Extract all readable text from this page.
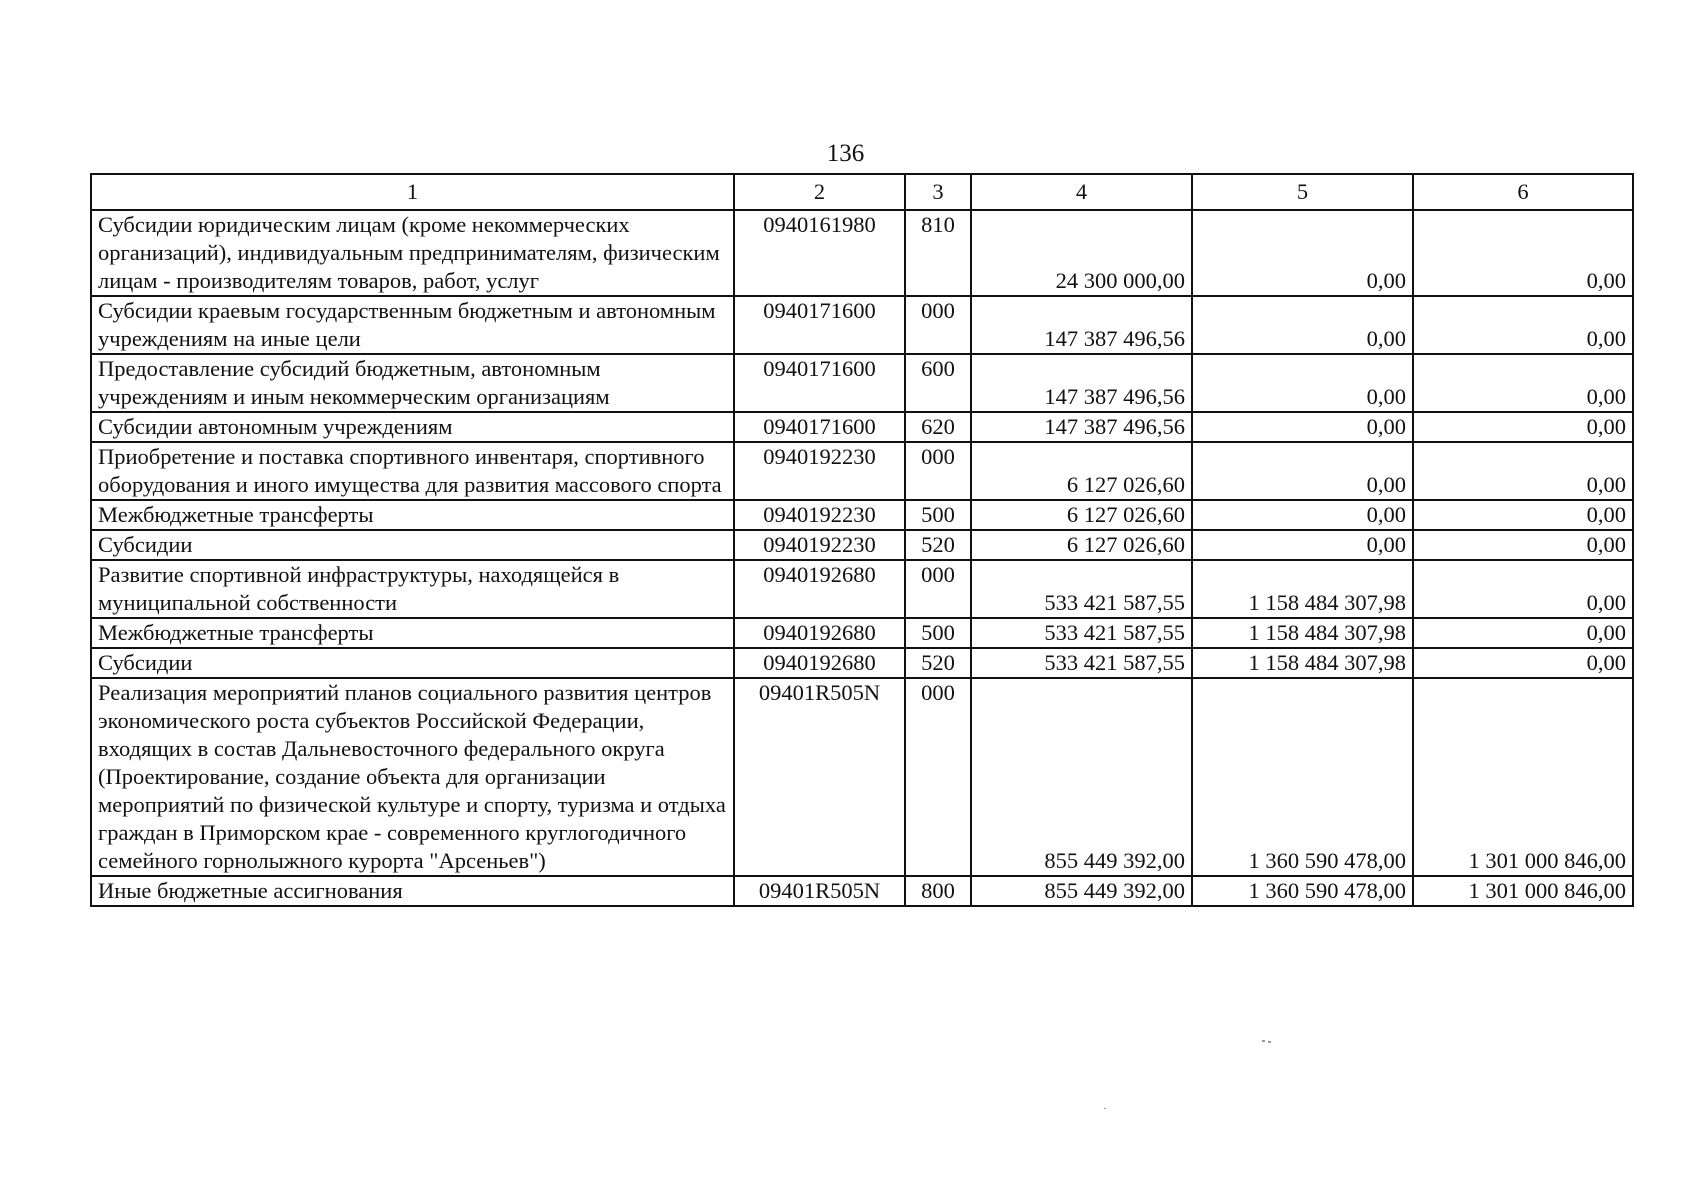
136
1	2	3	4	5	6
Субсидии юридическим лицам (кроме некоммерческих организаций), индивидуальным предпринимателям, физическим лицам - производителям товаров, работ, услуг	0940161980	810	24 300 000,00	0,00	0,00
Субсидии краевым государственным бюджетным и автономным учреждениям на иные цели	0940171600	000	147 387 496,56	0,00	0,00
Предоставление субсидий бюджетным, автономным учреждениям и иным некоммерческим организациям	0940171600	600	147 387 496,56	0,00	0,00
Субсидии автономным учреждениям	0940171600	620	147 387 496,56	0,00	0,00
Приобретение и поставка спортивного инвентаря, спортивного оборудования и иного имущества для развития массового спорта	0940192230	000	6 127 026,60	0,00	0,00
Межбюджетные трансферты	0940192230	500	6 127 026,60	0,00	0,00
Субсидии	0940192230	520	6 127 026,60	0,00	0,00
Развитие спортивной инфраструктуры, находящейся в муниципальной собственности	0940192680	000	533 421 587,55	1 158 484 307,98	0,00
Межбюджетные трансферты	0940192680	500	533 421 587,55	1 158 484 307,98	0,00
Субсидии	0940192680	520	533 421 587,55	1 158 484 307,98	0,00
Реализация мероприятий планов социального развития центров экономического роста субъектов Российской Федерации, входящих в состав Дальневосточного федерального округа (Проектирование, создание объекта для организации мероприятий по физической культуре и спорту, туризма и отдыха граждан в Приморском крае - современного круглогодичного семейного горнолыжного курорта "Арсеньев")	09401R505N	000	855 449 392,00	1 360 590 478,00	1 301 000 846,00
Иные бюджетные ассигнования	09401R505N	800	855 449 392,00	1 360 590 478,00	1 301 000 846,00
